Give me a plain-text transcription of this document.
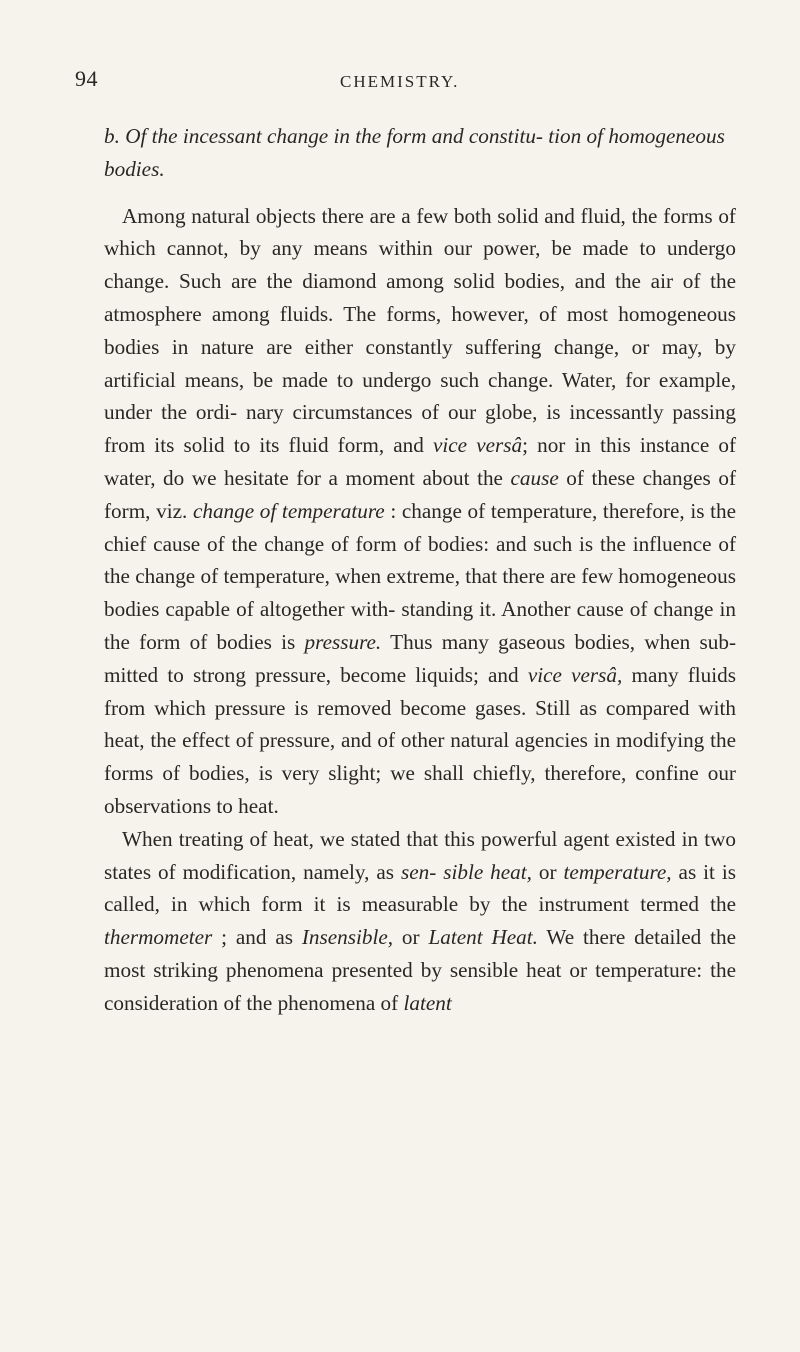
94	CHEMISTRY.

b. Of the incessant change in the form and constitu- tion of homogeneous bodies.

Among natural objects there are a few both solid and fluid, the forms of which cannot, by any means within our power, be made to undergo change. Such are the diamond among solid bodies, and the air of the atmosphere among fluids. The forms, however, of most homogeneous bodies in nature are either constantly suffering change, or may, by artificial means, be made to undergo such change. Water, for example, under the ordi- nary circumstances of our globe, is incessantly passing from its solid to its fluid form, and vice versâ; nor in this instance of water, do we hesitate for a moment about the cause of these changes of form, viz. change of temperature : change of temperature, therefore, is the chief cause of the change of form of bodies: and such is the influence of the change of temperature, when extreme, that there are few homogeneous bodies capable of altogether with- standing it. Another cause of change in the form of bodies is pressure. Thus many gaseous bodies, when sub- mitted to strong pressure, become liquids; and vice versâ, many fluids from which pressure is removed become gases. Still as compared with heat, the effect of pressure, and of other natural agencies in modifying the forms of bodies, is very slight; we shall chiefly, therefore, confine our observations to heat.

When treating of heat, we stated that this powerful agent existed in two states of modification, namely, as sen- sible heat, or temperature, as it is called, in which form it is measurable by the instrument termed the thermometer ; and as Insensible, or Latent Heat. We there detailed the most striking phenomena presented by sensible heat or temperature: the consideration of the phenomena of latent
